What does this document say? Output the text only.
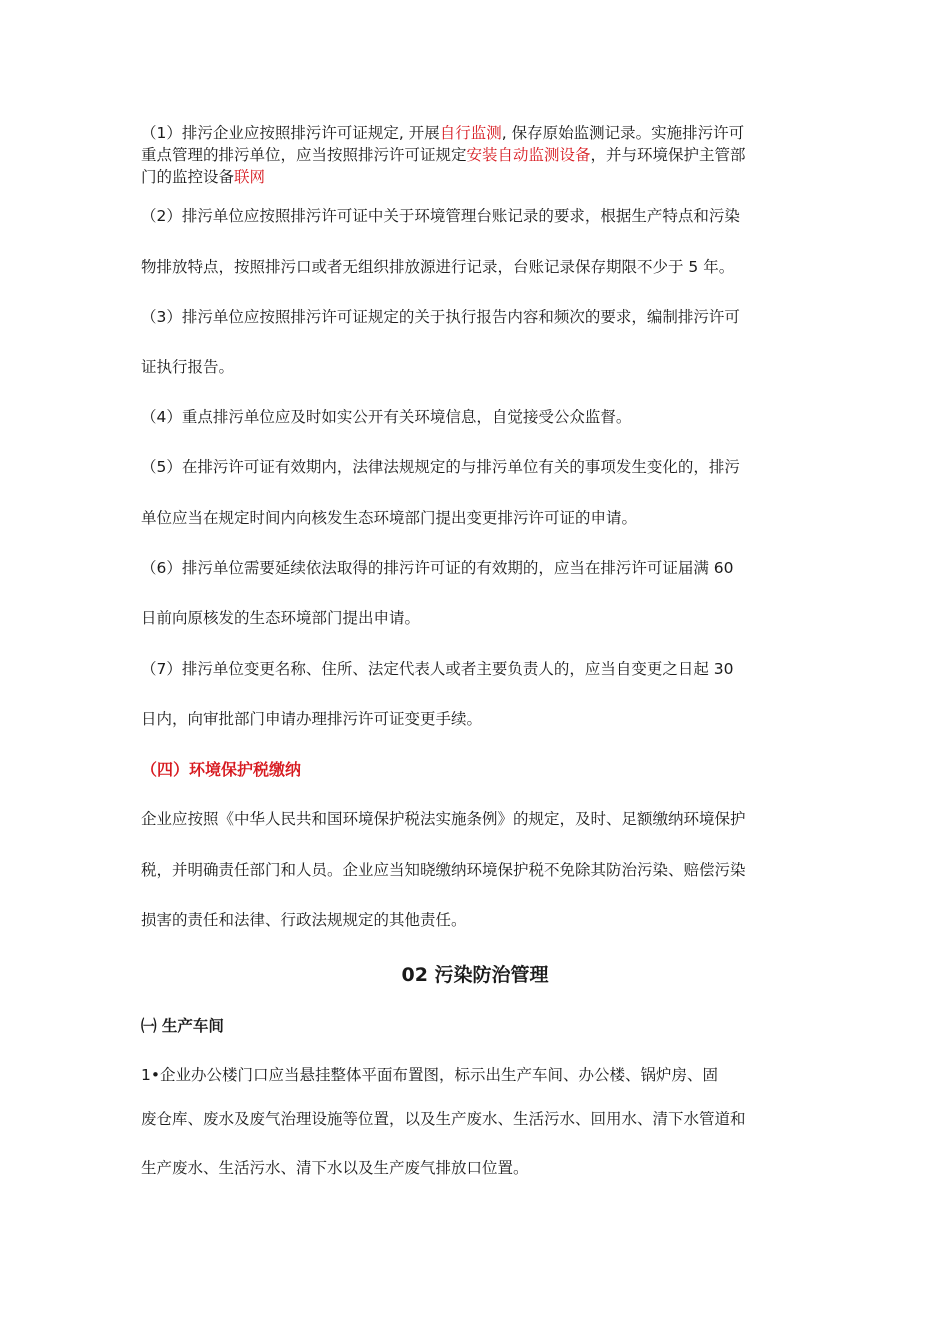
（1）排污企业应按照排污许可证规定, 开展自行监测, 保存原始监测记录。实施排污许可
重点管理的排污单位，应当按照排污许可证规定安装自动监测设备，并与环境保护主管部
门的监控设备联网
（2）排污单位应按照排污许可证中关于环境管理台账记录的要求，根据生产特点和污染
物排放特点，按照排污口或者无组织排放源进行记录，台账记录保存期限不少于 5 年。
（3）排污单位应按照排污许可证规定的关于执行报告内容和频次的要求，编制排污许可
证执行报告。
（4）重点排污单位应及时如实公开有关环境信息，自觉接受公众监督。
（5）在排污许可证有效期内，法律法规规定的与排污单位有关的事项发生变化的，排污
单位应当在规定时间内向核发生态环境部门提出变更排污许可证的申请。
（6）排污单位需要延续依法取得的排污许可证的有效期的，应当在排污许可证届满 60
日前向原核发的生态环境部门提出申请。
（7）排污单位变更名称、住所、法定代表人或者主要负责人的，应当自变更之日起 30
日内，向审批部门申请办理排污许可证变更手续。
（四）环境保护税缴纳
企业应按照《中华人民共和国环境保护税法实施条例》的规定，及时、足额缴纳环境保护
税，并明确责任部门和人员。企业应当知晓缴纳环境保护税不免除其防治污染、赔偿污染
损害的责任和法律、行政法规规定的其他责任。
02 污染防治管理
㈠ 生产车间
1•企业办公楼门口应当悬挂整体平面布置图，标示出生产车间、办公楼、锅炉房、固
废仓库、废水及废气治理设施等位置，以及生产废水、生活污水、回用水、清下水管道和
生产废水、生活污水、清下水以及生产废气排放口位置。
